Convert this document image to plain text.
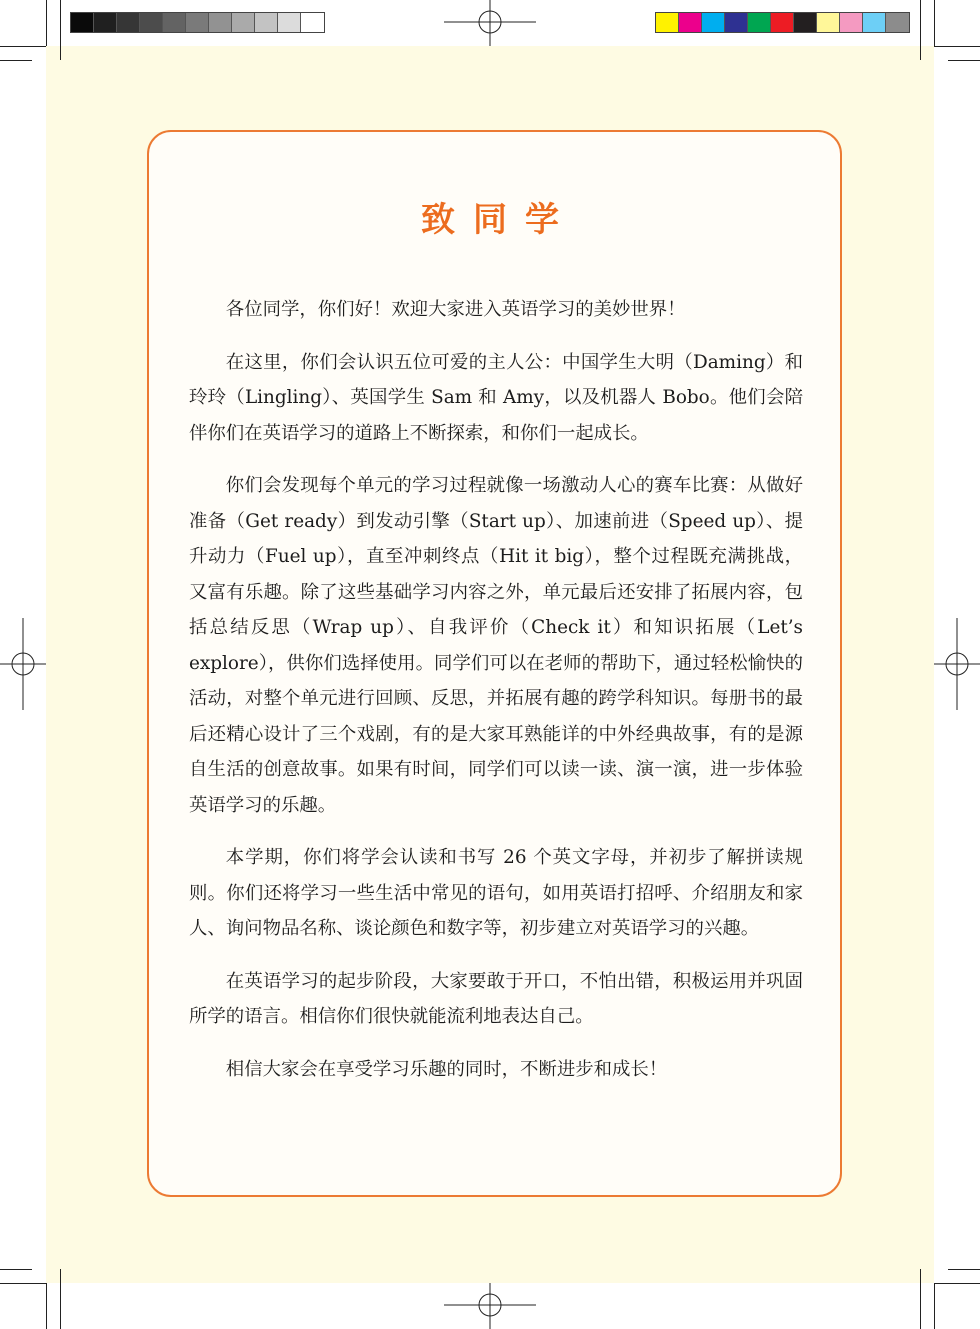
致同学

各位同学，你们好！欢迎大家进入英语学习的美妙世界！

在这里，你们会认识五位可爱的主人公：中国学生大明（Daming）和玲玲（Lingling）、英国学生 Sam 和 Amy，以及机器人 Bobo。他们会陪伴你们在英语学习的道路上不断探索，和你们一起成长。

你们会发现每个单元的学习过程就像一场激动人心的赛车比赛：从做好准备（Get ready）到发动引擎（Start up）、加速前进（Speed up）、提升动力（Fuel up），直至冲刺终点（Hit it big），整个过程既充满挑战，又富有乐趣。除了这些基础学习内容之外，单元最后还安排了拓展内容，包括总结反思（Wrap up）、自我评价（Check it）和知识拓展（Let’s explore），供你们选择使用。同学们可以在老师的帮助下，通过轻松愉快的活动，对整个单元进行回顾、反思，并拓展有趣的跨学科知识。每册书的最后还精心设计了三个戏剧，有的是大家耳熟能详的中外经典故事，有的是源自生活的创意故事。如果有时间，同学们可以读一读、演一演，进一步体验英语学习的乐趣。

本学期，你们将学会认读和书写 26 个英文字母，并初步了解拼读规则。你们还将学习一些生活中常见的语句，如用英语打招呼、介绍朋友和家人、询问物品名称、谈论颜色和数字等，初步建立对英语学习的兴趣。

在英语学习的起步阶段，大家要敢于开口，不怕出错，积极运用并巩固所学的语言。相信你们很快就能流利地表达自己。

相信大家会在享受学习乐趣的同时，不断进步和成长！
